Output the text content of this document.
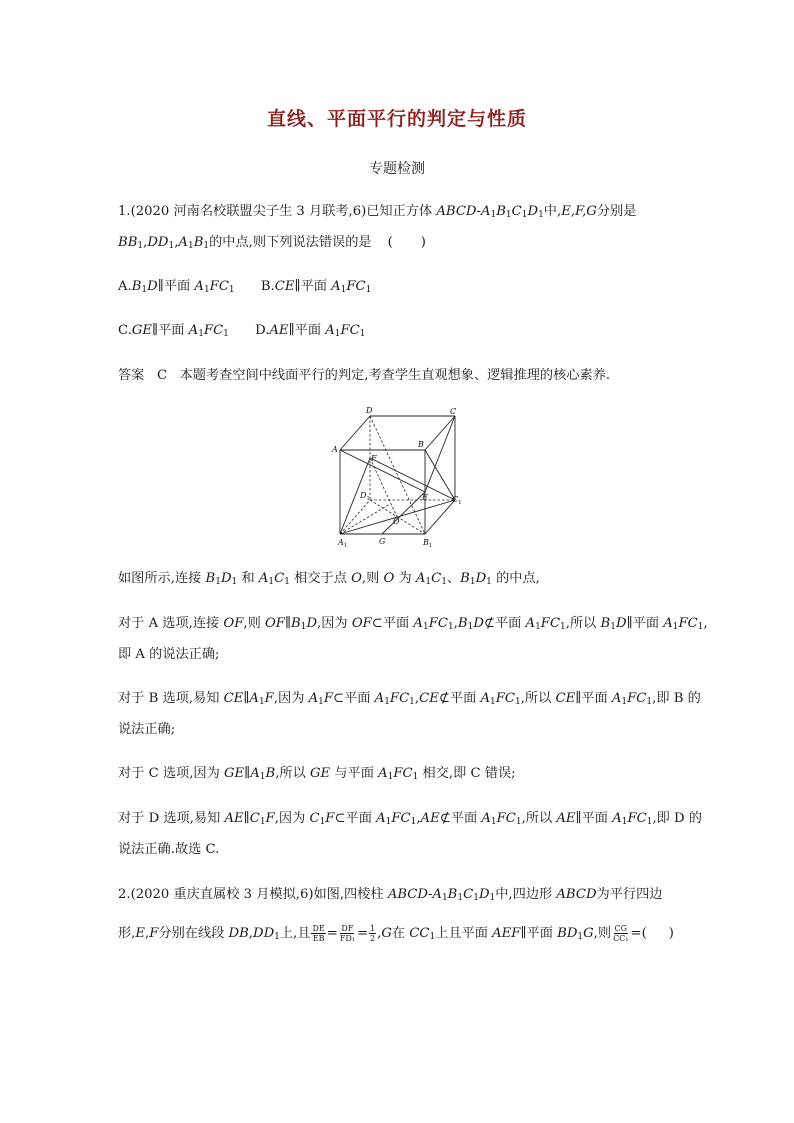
直线、平面平行的判定与性质
专题检测
1.(2020 河南名校联盟尖子生 3 月联考,6)已知正方体 ABCD-$A_1B_1C_1D_1$中,E,F,G分别是
$BB_1,DD_1,A_1B_1$的中点,则下列说法错误的是 ()
$A.B_1D\parallel$平面 $A_1FC_1$ B.CE∥平面 $A_1FC_1$
C.GE∥平面 $A_1FC_1$ D.AE∥平面 $A_1FC_1$
答案 C 本题考查空间中线面平行的判定,考查学生直观想象、逻辑推理的核心素养.
D	C
A
B
F
$D_1$	E	$C_1$
O
$A_1$	G	$B_1$
如图所示,连接 $B_1D_1$ 和 $A_1C_1$ 相交于点 O,则 O 为 $A_1C_1$、$B_1D_1$ 的中点,
对于 A 选项,连接 OF,则 $OF\parallel B_1D$,因为 OF⊂平面 $A_1FC_1,B_1D⊄$平面 $A_1FC_1$,所以 $B_1D\parallel$平面 $A_1FC_1$,
即 A 的说法正确;
对于 B 选项,易知 $CE\parallel A_1F$,因为 $A_1F\subset$平面 $A_1FC_1,CE⊄$平面 $A_1FC_1$,所以 CE∥平面 $A_1FC_1$,即 B 的
说法正确;
对于 C 选项,因为 $GE\parallel A_1B$,所以 GE 与平面 $A_1FC_1$ 相交,即 C 错误;
对于 D 选项,易知 $AE\parallel C_1F$,因为 $C_1F\subset$平面 $A_1FC_1,AE⊄$平面 $A_1FC_1$,所以 AE∥平面 $A_1FC_1$,即 D 的
说法正确.故选 C.
2.(2020 重庆直属校 3 月模拟,6)如图,四棱柱 ABCD-$A_1B_1C_1D_1$中,四边形 ABCD为平行四边
形,E,F分别在线段 $DB,DD_1$上,且 $\frac{DE}{EB} = \frac{DF}{\text{FD₁}} = \frac{1}{2} ,G$在 $CC_1$上且平面 AEF∥平面 $BD_1G$,则 $\frac{CG}{\text{CC₁}}$ =( )
